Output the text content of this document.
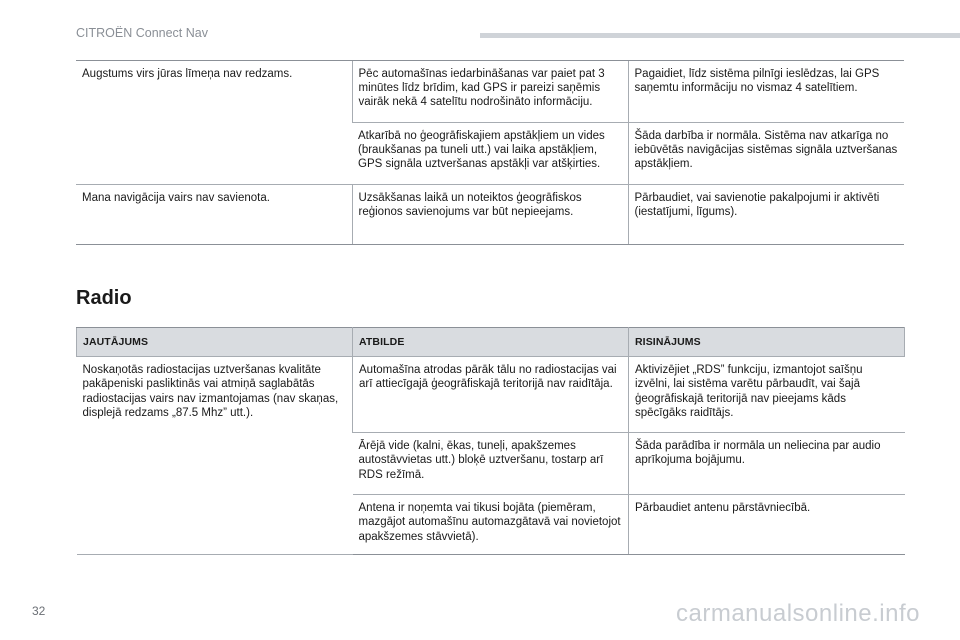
CITROËN Connect Nav
Augstums virs jūras līmeņa nav redzams.	Pēc automašīnas iedarbināšanas var paiet pat 3 minūtes līdz brīdim, kad GPS ir pareizi saņēmis vairāk nekā 4 satelītu nodrošināto informāciju.	Pagaidiet, līdz sistēma pilnīgi ieslēdzas, lai GPS saņemtu informāciju no vismaz 4 satelītiem.
	Atkarībā no ģeogrāfiskajiem apstākļiem un vides (braukšanas pa tuneli utt.) vai laika apstākļiem, GPS signāla uztveršanas apstākļi var atšķirties.	Šāda darbība ir normāla. Sistēma nav atkarīga no iebūvētās navigācijas sistēmas signāla uztveršanas apstākļiem.
Mana navigācija vairs nav savienota.	Uzsākšanas laikā un noteiktos ģeogrāfiskos reģionos savienojums var būt nepieejams.	Pārbaudiet, vai savienotie pakalpojumi ir aktivēti (iestatījumi, līgums).
Radio
JAUTĀJUMS	ATBILDE	RISINĀJUMS
Noskaņotās radiostacijas uztveršanas kvalitāte pakāpeniski pasliktinās vai atmiņā saglabātās radiostacijas vairs nav izmantojamas (nav skaņas, displejā redzams „87.5 Mhz” utt.).	Automašīna atrodas pārāk tālu no radiostacijas vai arī attiecīgajā ģeogrāfiskajā teritorijā nav raidītāja.	Aktivizējiet „RDS” funkciju, izmantojot saīšņu izvēlni, lai sistēma varētu pārbaudīt, vai šajā ģeogrāfiskajā teritorijā nav pieejams kāds spēcīgāks raidītājs.
	Ārējā vide (kalni, ēkas, tuneļi, apakšzemes autostāvvietas utt.) bloķē uztveršanu, tostarp arī RDS režīmā.	Šāda parādība ir normāla un neliecina par audio aprīkojuma bojājumu.
	Antena ir noņemta vai tikusi bojāta (piemēram, mazgājot automašīnu automazgātavā vai novietojot apakšzemes stāvvietā).	Pārbaudiet antenu pārstāvniecībā.
32	carmanualsonline.info
